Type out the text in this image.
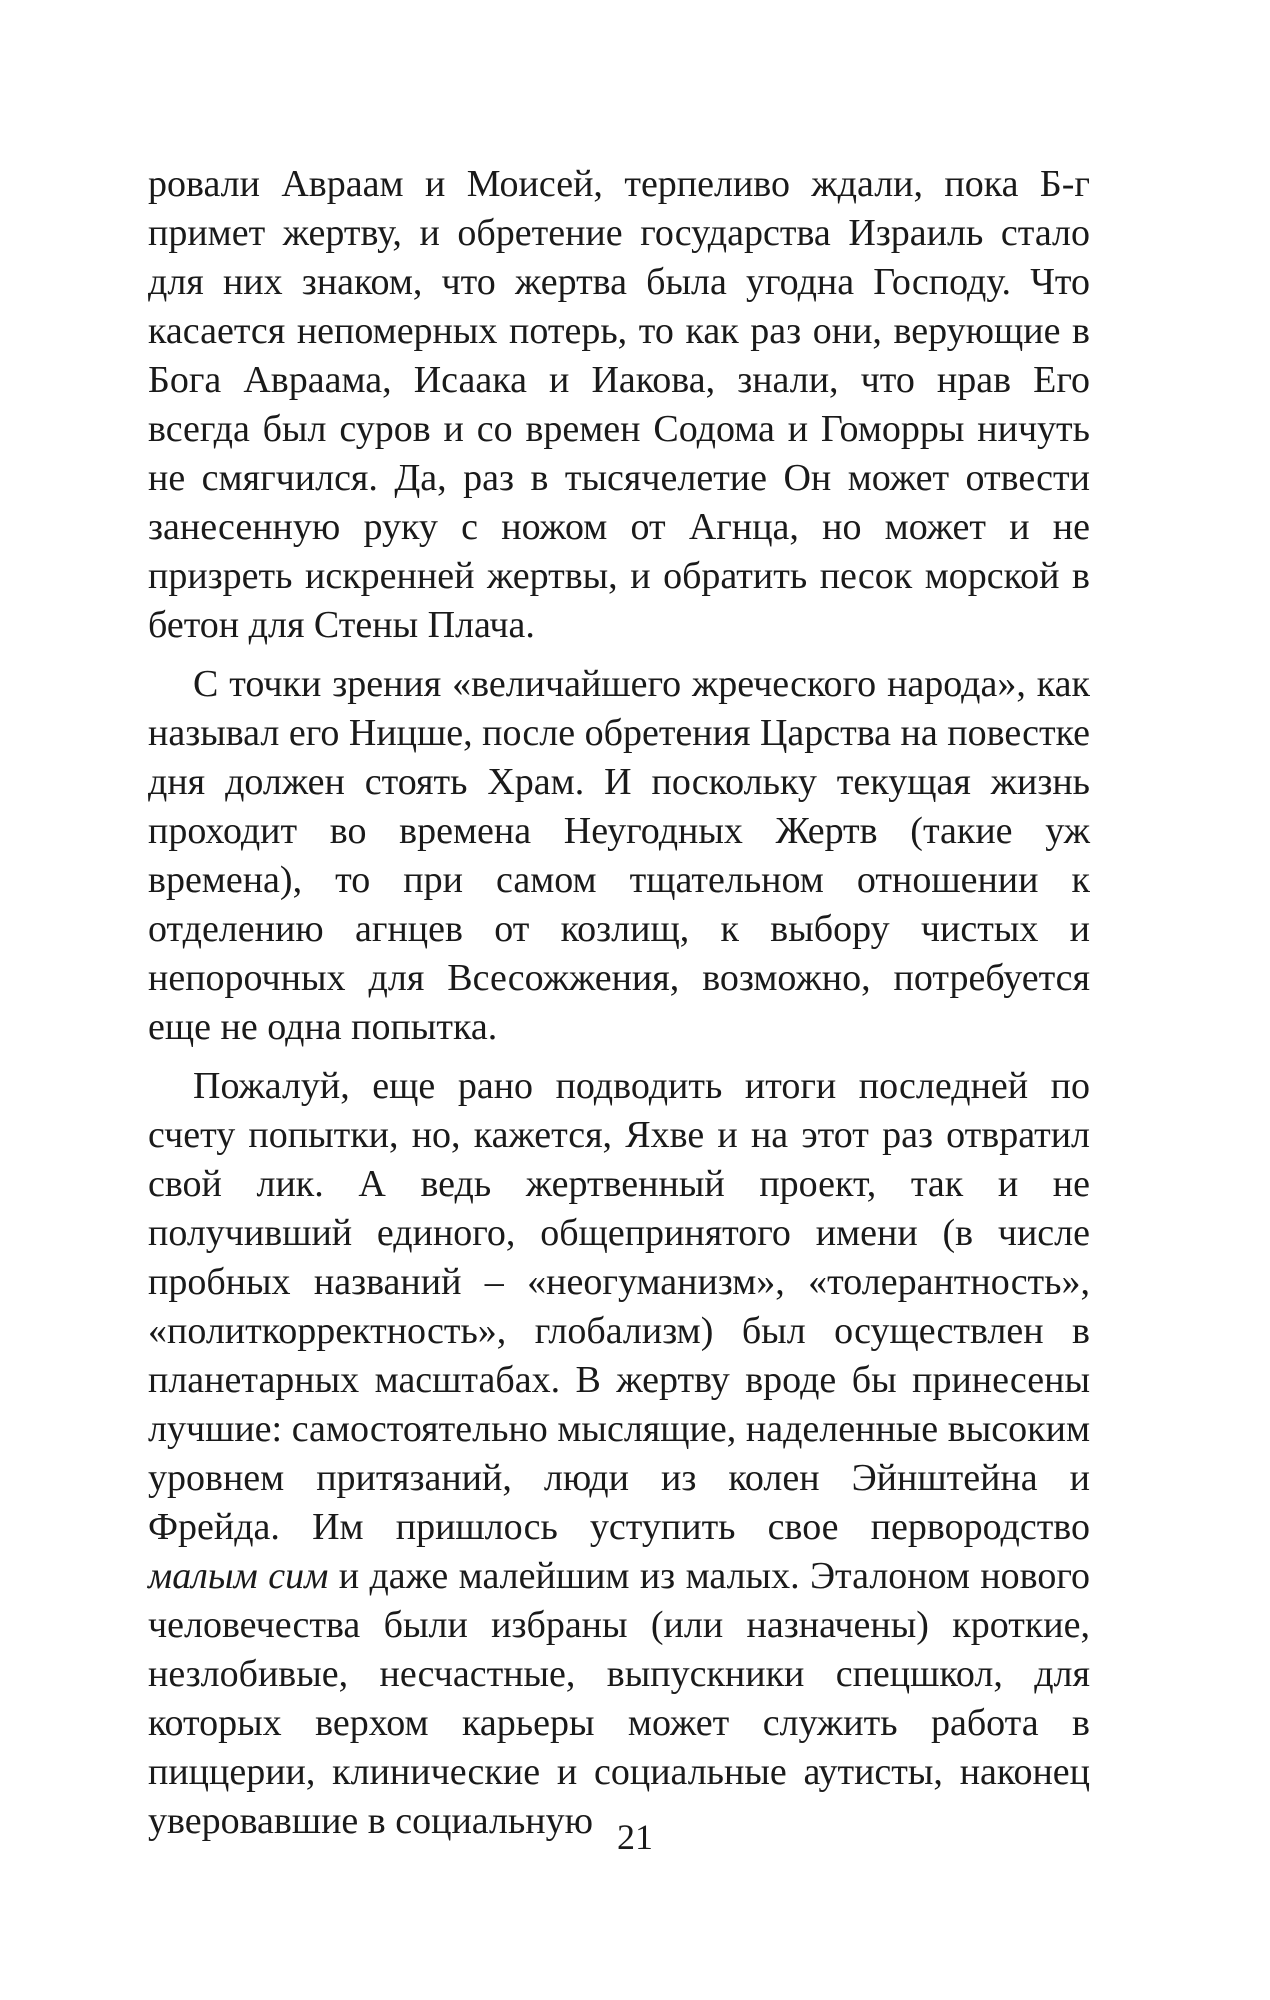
ровали Авраам и Моисей, терпеливо ждали, пока Б-г примет жертву, и обретение государства Израиль стало для них знаком, что жертва была угодна Господу. Что касается непомерных потерь, то как раз они, верующие в Бога Авраама, Исаака и Иакова, знали, что нрав Его всегда был суров и со времен Содома и Гоморры ничуть не смягчился. Да, раз в тысячелетие Он может отвести занесенную руку с ножом от Агнца, но может и не призреть искренней жертвы, и обратить песок морской в бетон для Стены Плача.

С точки зрения «величайшего жреческого народа», как называл его Ницше, после обретения Царства на повестке дня должен стоять Храм. И поскольку текущая жизнь проходит во времена Неугодных Жертв (такие уж времена), то при самом тщательном отношении к отделению агнцев от козлищ, к выбору чистых и непорочных для Всесожжения, возможно, потребуется еще не одна попытка.

Пожалуй, еще рано подводить итоги последней по счету попытки, но, кажется, Яхве и на этот раз отвратил свой лик. А ведь жертвенный проект, так и не получивший единого, общепринятого имени (в числе пробных названий – «неогуманизм», «толерантность», «политкорректность», глобализм) был осуществлен в планетарных масштабах. В жертву вроде бы принесены лучшие: самостоятельно мыслящие, наделенные высоким уровнем притязаний, люди из колен Эйнштейна и Фрейда. Им пришлось уступить свое первородство малым сим и даже малейшим из малых. Эталоном нового человечества были избраны (или назначены) кроткие, незлобивые, несчастные, выпускники спецшкол, для которых верхом карьеры может служить работа в пиццерии, клинические и социальные аутисты, наконец уверовавшие в социальную 21
